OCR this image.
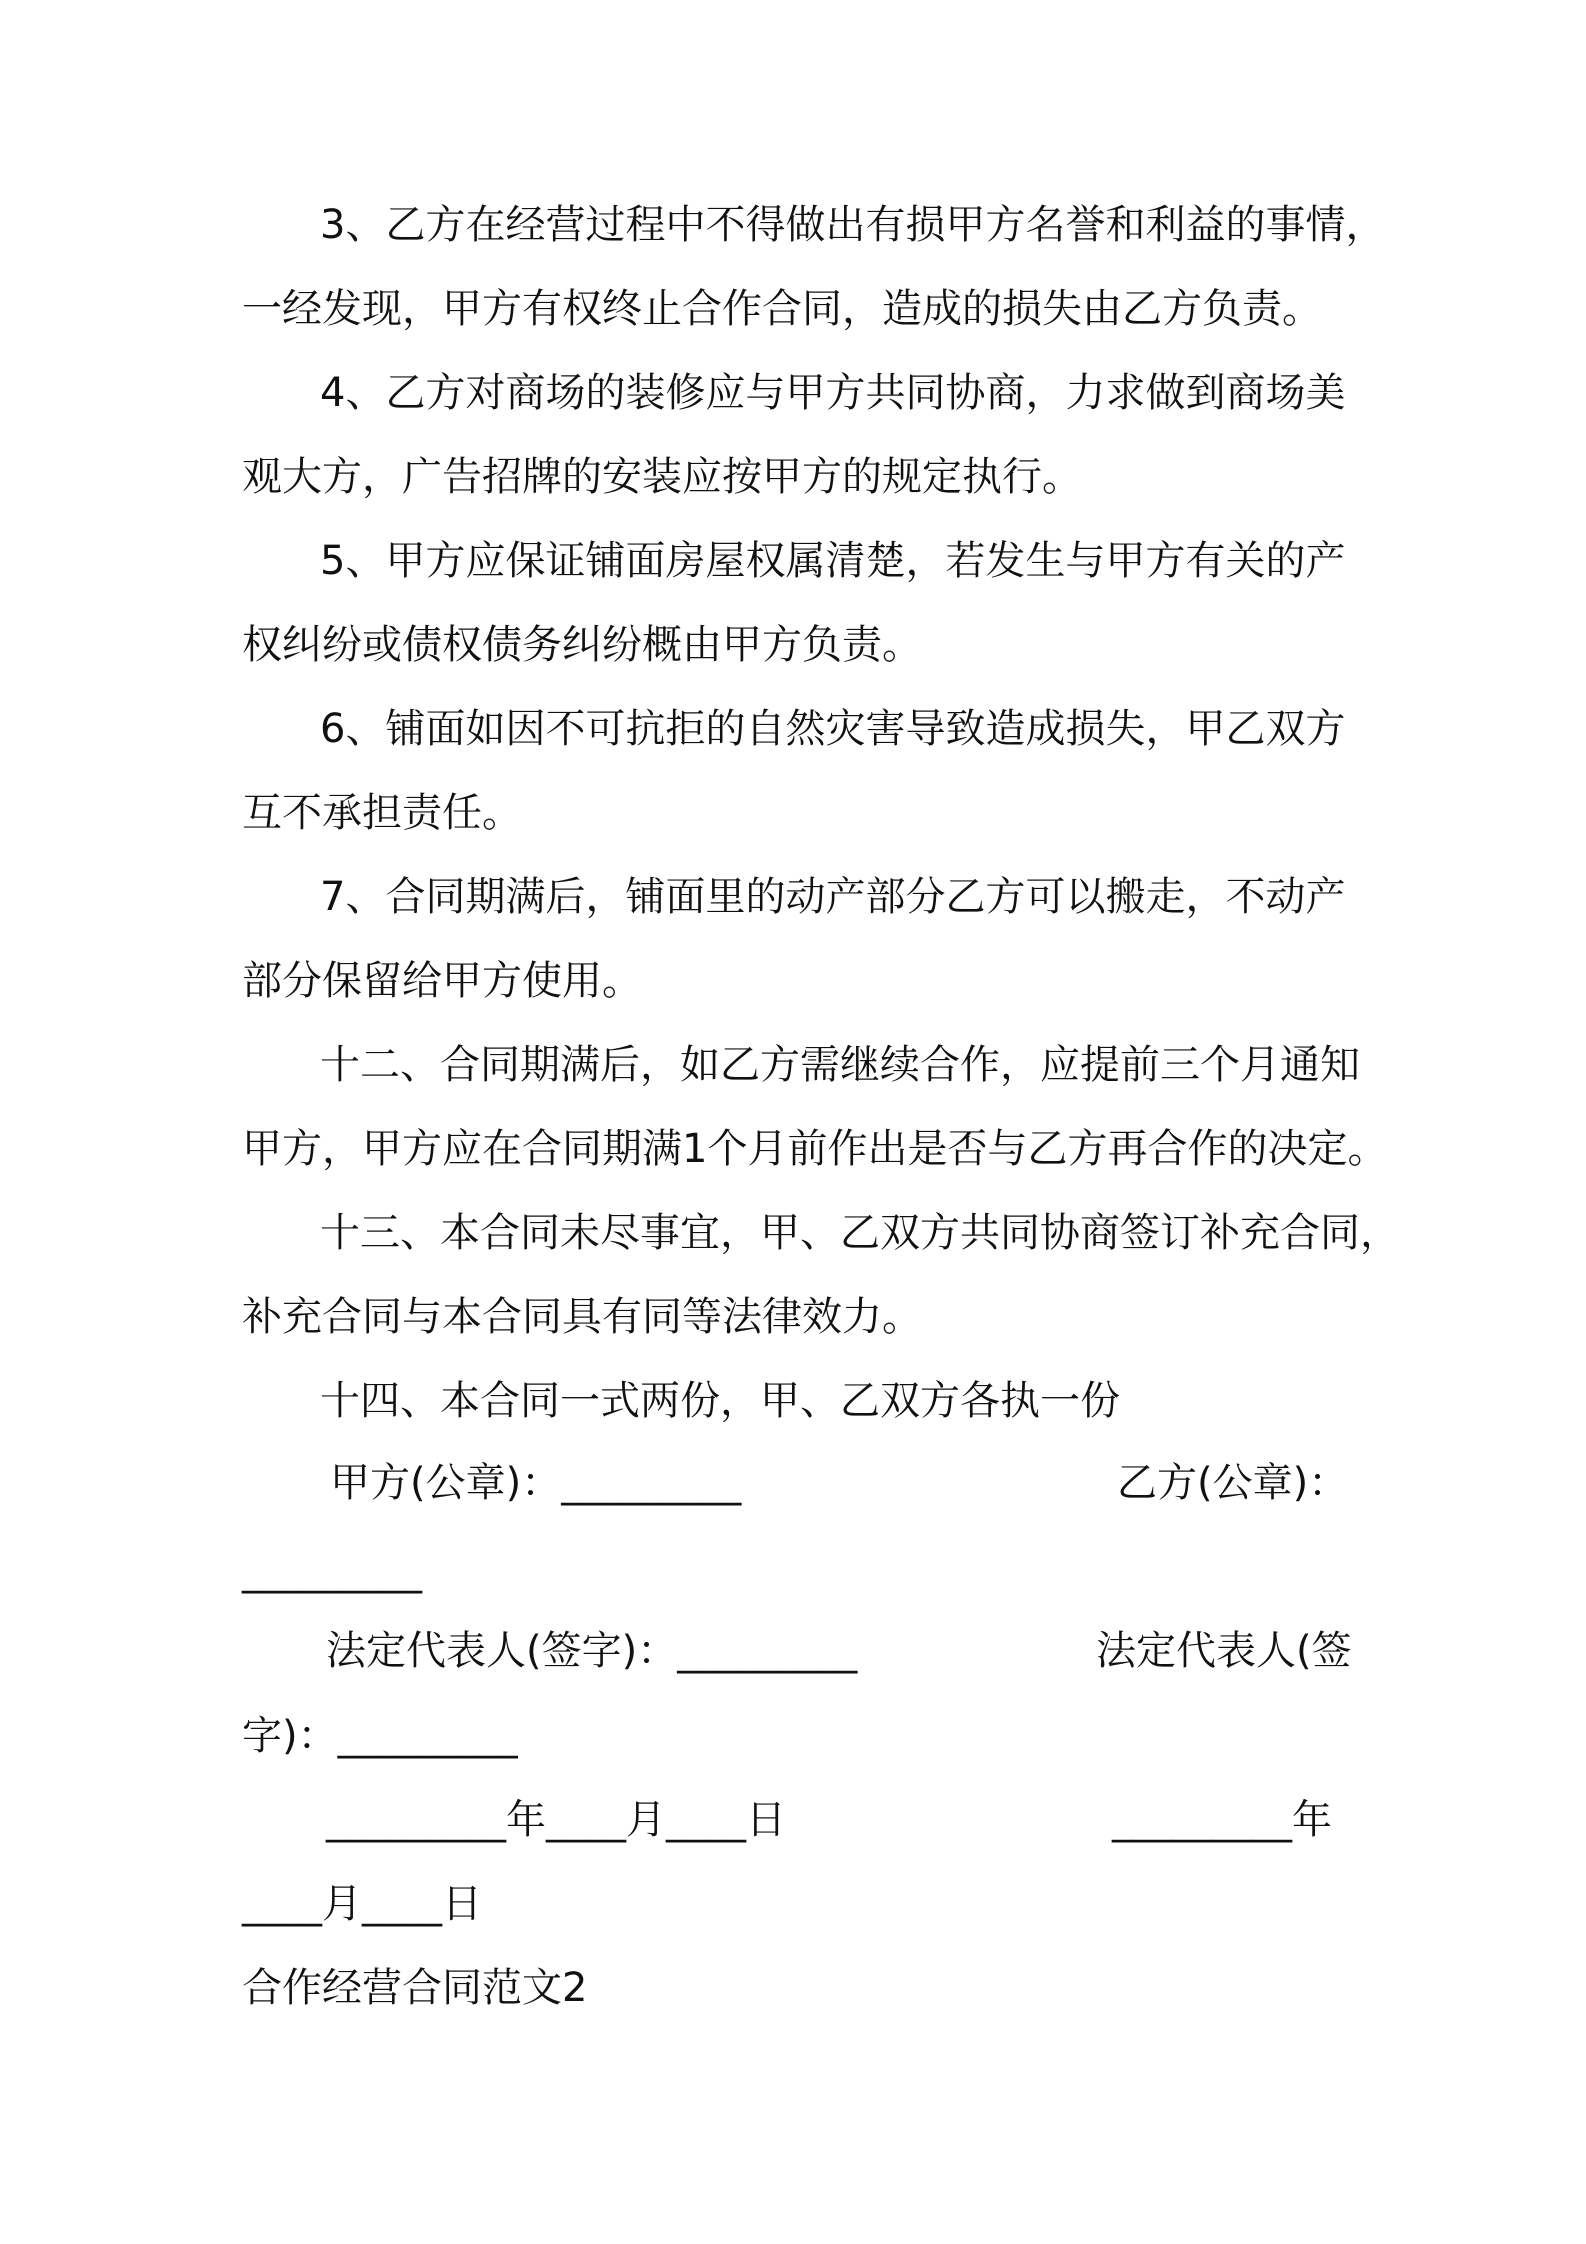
3、乙方在经营过程中不得做出有损甲方名誉和利益的事情，

一经发现，甲方有权终止合作合同，造成的损失由乙方负责。

4、乙方对商场的装修应与甲方共同协商，力求做到商场美

观大方，广告招牌的安装应按甲方的规定执行。

5、甲方应保证铺面房屋权属清楚，若发生与甲方有关的产

权纠纷或债权债务纠纷概由甲方负责。

6、铺面如因不可抗拒的自然灾害导致造成损失，甲乙双方

互不承担责任。

7、合同期满后，铺面里的动产部分乙方可以搬走，不动产

部分保留给甲方使用。

十二、合同期满后，如乙方需继续合作，应提前三个月通知

甲方，甲方应在合同期满1个月前作出是否与乙方再合作的决定。

十三、本合同未尽事宜，甲、乙双方共同协商签订补充合同，

补充合同与本合同具有同等法律效力。

十四、本合同一式两份，甲、乙双方各执一份

甲方(公章)：_________	乙方(公章)：

_________

法定代表人(签字)：_________	法定代表人(签

字)：_________

_________年____月____日	_________年

____月____日

合作经营合同范文2
